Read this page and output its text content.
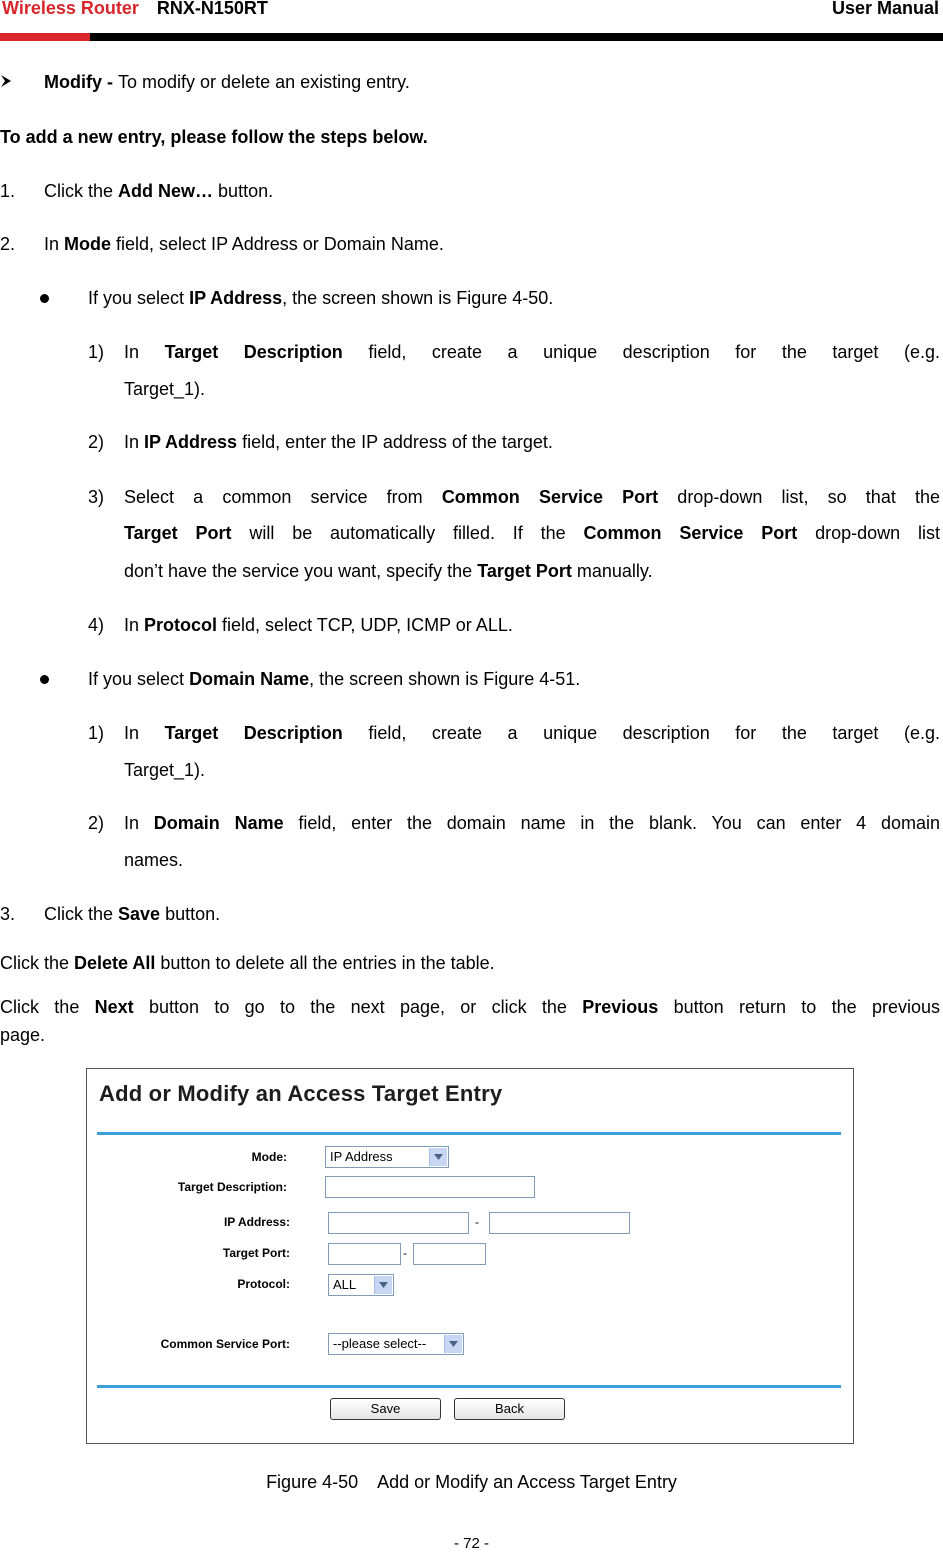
Wireless Router RNX-N150RT	User Manual
Modify - To modify or delete an existing entry.
To add a new entry, please follow the steps below.
1. Click the Add New… button.
2. In Mode field, select IP Address or Domain Name.
If you select IP Address, the screen shown is Figure 4-50.
1) In Target Description field, create a unique description for the target (e.g.
Target_1).
2) In IP Address field, enter the IP address of the target.
3) Select a common service from Common Service Port drop-down list, so that the
Target Port will be automatically filled. If the Common Service Port drop-down list
don’t have the service you want, specify the Target Port manually.
4) In Protocol field, select TCP, UDP, ICMP or ALL.
If you select Domain Name, the screen shown is Figure 4-51.
1) In Target Description field, create a unique description for the target (e.g.
Target_1).
2) In Domain Name field, enter the domain name in the blank. You can enter 4 domain
names.
3. Click the Save button.
Click the Delete All button to delete all the entries in the table.
Click the Next button to go to the next page, or click the Previous button return to the previous
page.
Add or Modify an Access Target Entry
Mode:	IP Address
Target Description:
IP Address:	-
Target Port:	-
Protocol:	ALL
Common Service Port:	--please select--
Save	Back
Figure 4-50    Add or Modify an Access Target Entry
- 72 -
